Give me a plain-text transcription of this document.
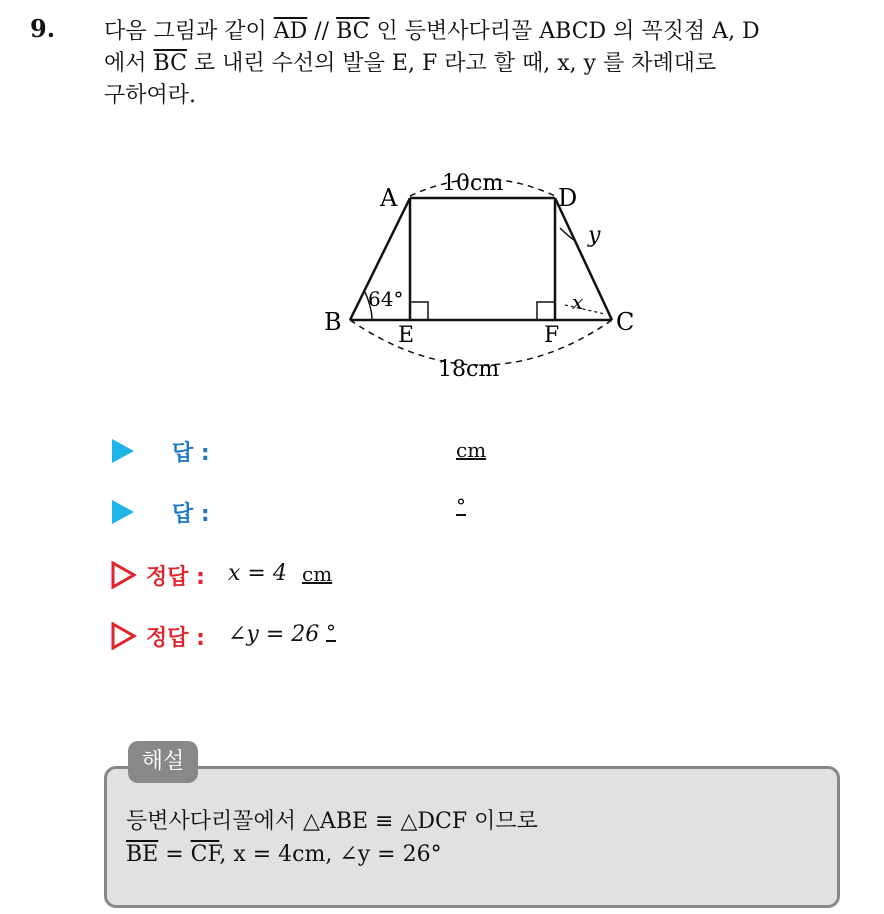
9. 다음 그림과 같이 $\overline{AD} // \overline{BC}$ 인 등변사다리꼴 ABCD 의 꼭짓점 A, D
에서 $\overline{BC}$ 로 내린 수선의 발을 E, F 라고 할 때, x, y 를 차례대로
구하여라.
A	D
B	C
E	F
10cm
18cm
64°
y
x
답 :	cm
답 :	°
정답 : x = 4 cm
정답 : ∠y = 26 °
해설
등변사다리꼴에서 △ABE ≡ △DCF 이므로
$\overline{BE} = \overline{CF}$, x = 4cm, ∠y = 26°
